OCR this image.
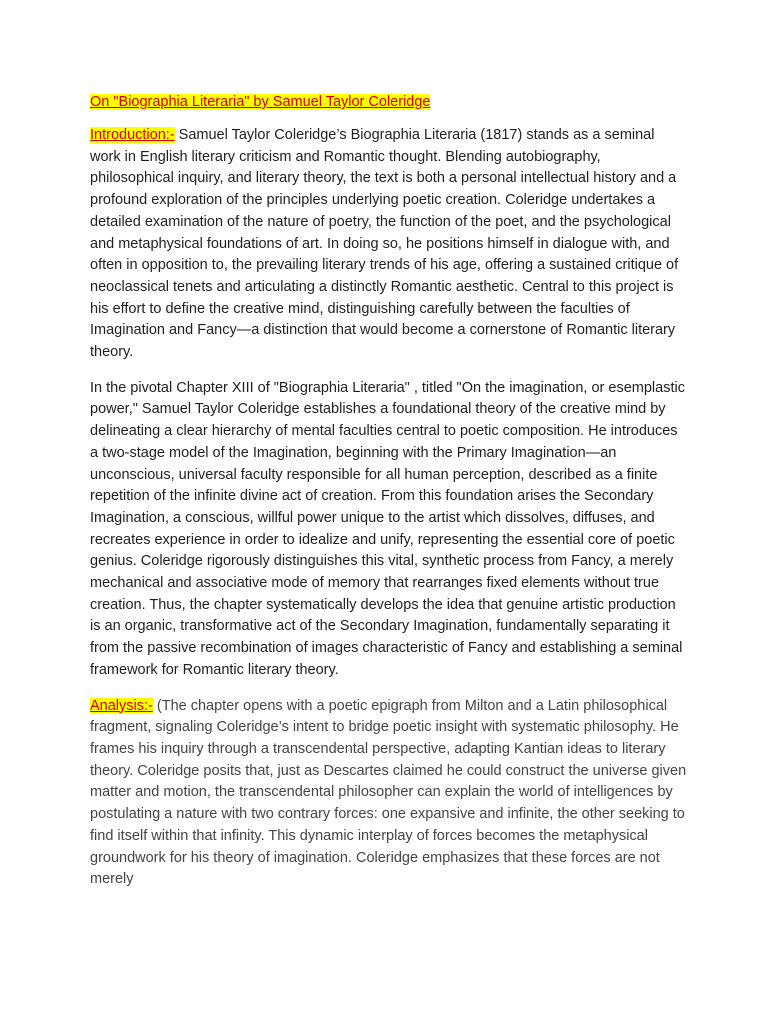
On "Biographia Literaria" by Samuel Taylor Coleridge

Introduction:- Samuel Taylor Coleridge’s Biographia Literaria (1817) stands as a seminal work in English literary criticism and Romantic thought. Blending autobiography, philosophical inquiry, and literary theory, the text is both a personal intellectual history and a profound exploration of the principles underlying poetic creation. Coleridge undertakes a detailed examination of the nature of poetry, the function of the poet, and the psychological and metaphysical foundations of art. In doing so, he positions himself in dialogue with, and often in opposition to, the prevailing literary trends of his age, offering a sustained critique of neoclassical tenets and articulating a distinctly Romantic aesthetic. Central to this project is his effort to define the creative mind, distinguishing carefully between the faculties of Imagination and Fancy—a distinction that would become a cornerstone of Romantic literary theory.

In the pivotal Chapter XIII of "Biographia Literaria" , titled "On the imagination, or esemplastic power," Samuel Taylor Coleridge establishes a foundational theory of the creative mind by delineating a clear hierarchy of mental faculties central to poetic composition. He introduces a two-stage model of the Imagination, beginning with the Primary Imagination—an unconscious, universal faculty responsible for all human perception, described as a finite repetition of the infinite divine act of creation. From this foundation arises the Secondary Imagination, a conscious, willful power unique to the artist which dissolves, diffuses, and recreates experience in order to idealize and unify, representing the essential core of poetic genius. Coleridge rigorously distinguishes this vital, synthetic process from Fancy, a merely mechanical and associative mode of memory that rearranges fixed elements without true creation. Thus, the chapter systematically develops the idea that genuine artistic production is an organic, transformative act of the Secondary Imagination, fundamentally separating it from the passive recombination of images characteristic of Fancy and establishing a seminal framework for Romantic literary theory.

Analysis:- (The chapter opens with a poetic epigraph from Milton and a Latin philosophical fragment, signaling Coleridge’s intent to bridge poetic insight with systematic philosophy. He frames his inquiry through a transcendental perspective, adapting Kantian ideas to literary theory. Coleridge posits that, just as Descartes claimed he could construct the universe given matter and motion, the transcendental philosopher can explain the world of intelligences by postulating a nature with two contrary forces: one expansive and infinite, the other seeking to find itself within that infinity. This dynamic interplay of forces becomes the metaphysical groundwork for his theory of imagination. Coleridge emphasizes that these forces are not merely
